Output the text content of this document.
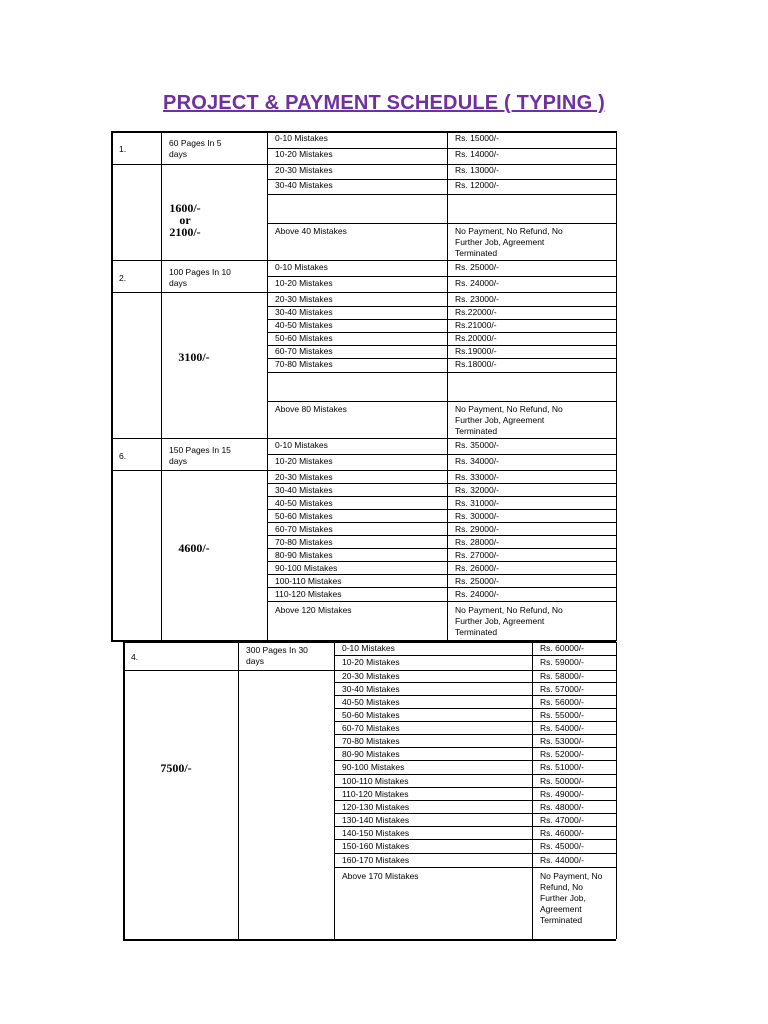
PROJECT & PAYMENT SCHEDULE ( TYPING )
1.
60 Pages In 5 days
0-10 Mistakes	Rs. 15000/-
10-20 Mistakes	Rs. 14000/-
20-30 Mistakes	Rs. 13000/-
30-40 Mistakes	Rs. 12000/-
Above 40 Mistakes	No Payment, No Refund, No Further Job, Agreement Terminated
1600/-
or
2100/-
2.
100 Pages In 10 days
0-10 Mistakes	Rs. 25000/-
10-20 Mistakes	Rs. 24000/-
20-30 Mistakes	Rs. 23000/-
30-40 Mistakes	Rs.22000/-
40-50 Mistakes	Rs.21000/-
50-60 Mistakes	Rs.20000/-
60-70 Mistakes	Rs.19000/-
70-80 Mistakes	Rs.18000/-
Above 80 Mistakes	No Payment, No Refund, No Further Job, Agreement Terminated
3100/-
6.
150 Pages In 15 days
0-10 Mistakes	Rs. 35000/-
10-20 Mistakes	Rs. 34000/-
20-30 Mistakes	Rs. 33000/-
30-40 Mistakes	Rs. 32000/-
40-50 Mistakes	Rs. 31000/-
50-60 Mistakes	Rs. 30000/-
60-70 Mistakes	Rs. 29000/-
70-80 Mistakes	Rs. 28000/-
80-90 Mistakes	Rs. 27000/-
90-100 Mistakes	Rs. 26000/-
100-110 Mistakes	Rs. 25000/-
110-120 Mistakes	Rs. 24000/-
Above 120 Mistakes	No Payment, No Refund, No Further Job, Agreement Terminated
4600/-
4.
300 Pages In 30 days
0-10 Mistakes	Rs. 60000/-
10-20 Mistakes	Rs. 59000/-
20-30 Mistakes	Rs. 58000/-
30-40 Mistakes	Rs. 57000/-
40-50 Mistakes	Rs. 56000/-
50-60 Mistakes	Rs. 55000/-
60-70 Mistakes	Rs. 54000/-
70-80 Mistakes	Rs. 53000/-
80-90 Mistakes	Rs. 52000/-
90-100 Mistakes	Rs. 51000/-
100-110 Mistakes	Rs. 50000/-
110-120 Mistakes	Rs. 49000/-
120-130 Mistakes	Rs. 48000/-
130-140 Mistakes	Rs. 47000/-
140-150 Mistakes	Rs. 46000/-
150-160 Mistakes	Rs. 45000/-
160-170 Mistakes	Rs. 44000/-
Above 170 Mistakes	No Payment, No Refund, No Further Job, Agreement Terminated
7500/-
